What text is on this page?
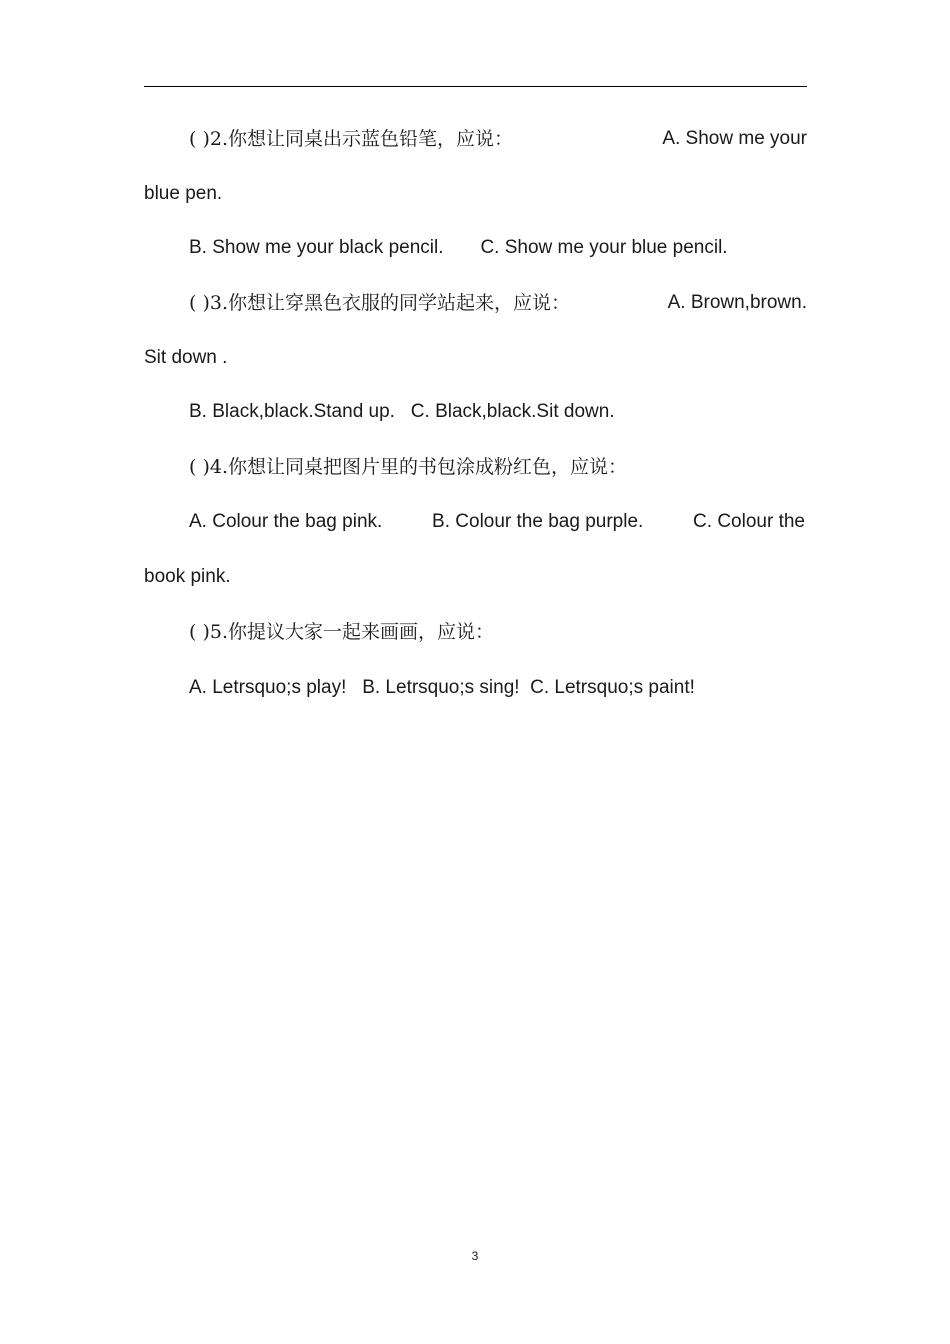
( )2.你想让同桌出示蓝色铅笔，应说：	A. Show me your
blue pen.
B. Show me your black pencil.       C. Show me your blue pencil.
( )3.你想让穿黑色衣服的同学站起来，应说：	A. Brown,brown.
Sit down .
B. Black,black.Stand up.   C. Black,black.Sit down.
( )4.你想让同桌把图片里的书包涂成粉红色，应说：
A. Colour the bag pink.	B. Colour the bag purple.	C. Colour the
book pink.
( )5.你提议大家一起来画画，应说：
A. Letrsquo;s play!   B. Letrsquo;s sing!  C. Letrsquo;s paint!
3
